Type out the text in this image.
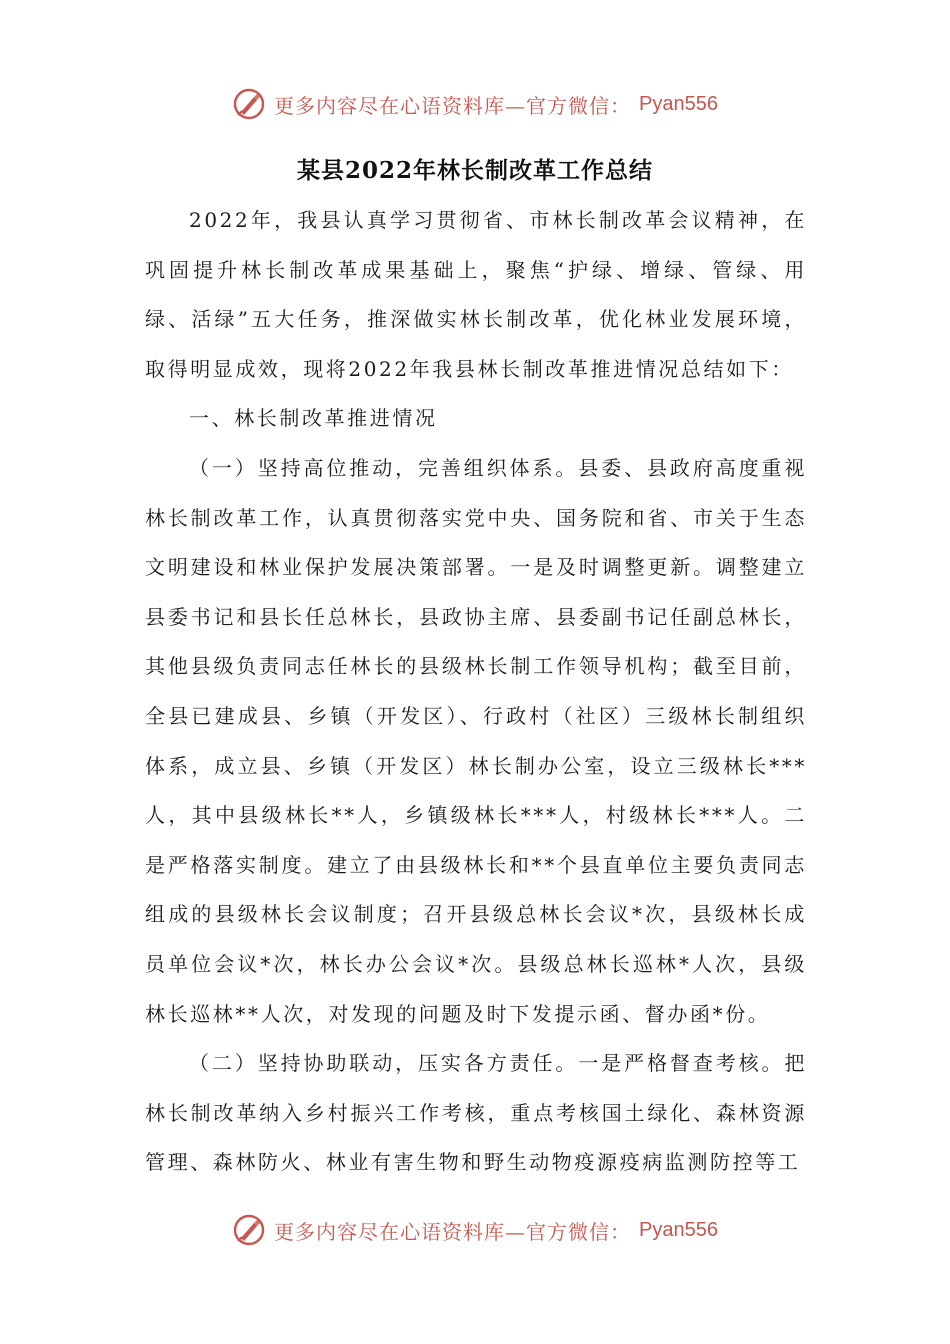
更多内容尽在心语资料库—官方微信： Pyan556
某县2022年林长制改革工作总结

2022年，我县认真学习贯彻省、市林长制改革会议精神，在巩固提升林长制改革成果基础上，聚焦“护绿、增绿、管绿、用绿、活绿”五大任务，推深做实林长制改革，优化林业发展环境，取得明显成效，现将2022年我县林长制改革推进情况总结如下：

一、林长制改革推进情况

（一）坚持高位推动，完善组织体系。县委、县政府高度重视林长制改革工作，认真贯彻落实党中央、国务院和省、市关于生态文明建设和林业保护发展决策部署。一是及时调整更新。调整建立县委书记和县长任总林长，县政协主席、县委副书记任副总林长，其他县级负责同志任林长的县级林长制工作领导机构；截至目前，全县已建成县、乡镇（开发区）、行政村（社区）三级林长制组织体系，成立县、乡镇（开发区）林长制办公室，设立三级林长***人，其中县级林长**人，乡镇级林长***人，村级林长***人。二是严格落实制度。建立了由县级林长和**个县直单位主要负责同志组成的县级林长会议制度；召开县级总林长会议*次，县级林长成员单位会议*次，林长办公会议*次。县级总林长巡林*人次，县级林长巡林**人次，对发现的问题及时下发提示函、督办函*份。

（二）坚持协助联动，压实各方责任。一是严格督查考核。把林长制改革纳入乡村振兴工作考核，重点考核国土绿化、森林资源管理、森林防火、林业有害生物和野生动物疫源疫病监测防控等工

更多内容尽在心语资料库—官方微信： Pyan556
